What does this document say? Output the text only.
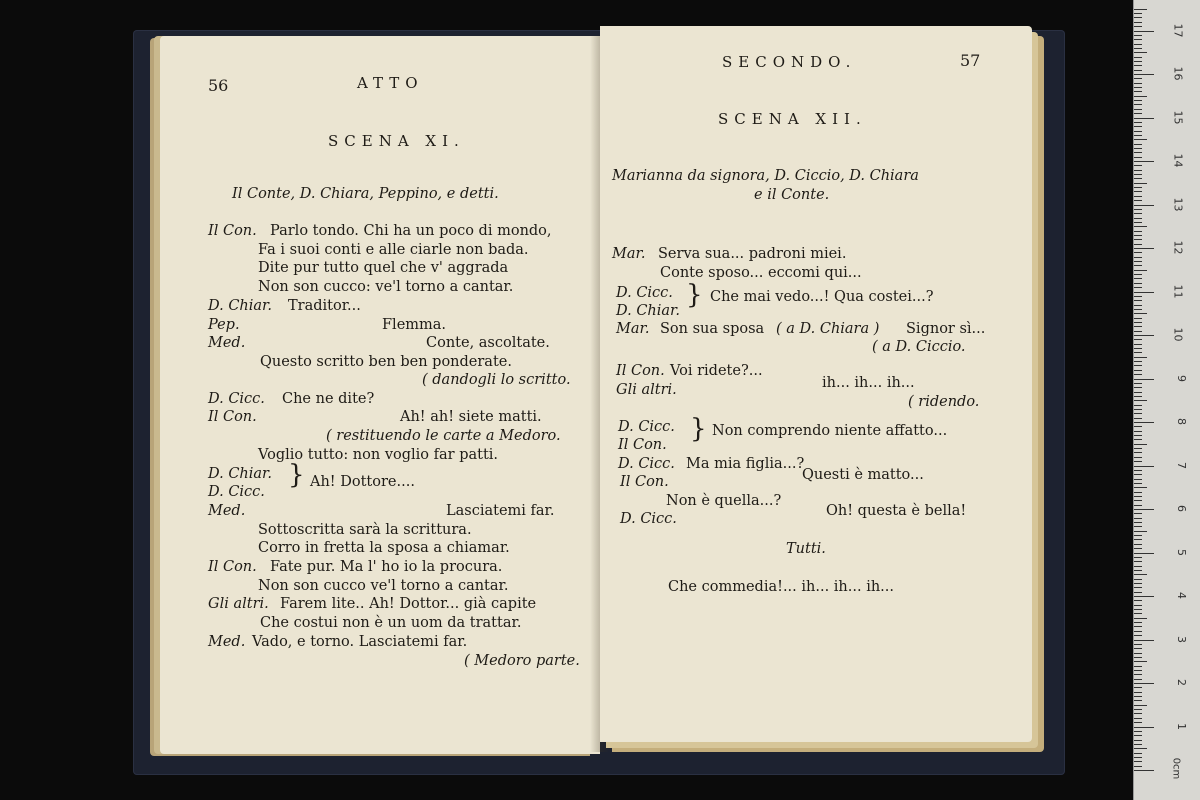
56	ATTO
SCENA XI.
Il Conte, D. Chiara, Peppino, e detti.
Il Con. Parlo tondo. Chi ha un poco di mondo,
Fa i suoi conti e alle ciarle non bada.
Dite pur tutto quel che v' aggrada
Non son cucco: ve'l torno a cantar.
D. Chiar. Traditor...
Pep.	Flemma.
Med.	Conte, ascoltate.
Questo scritto ben ben ponderate.
( dandogli lo scritto.
D. Cicc. Che ne dite?
Il Con.	Ah! ah! siete matti.
( restituendo le carte a Medoro.
Voglio tutto: non voglio far patti.
D. Chiar.
D. Cicc.
} Ah! Dottore....
Med.	Lasciatemi far.
Sottoscritta sarà la scrittura.
Corro in fretta la sposa a chiamar.
Il Con. Fate pur. Ma l' ho io la procura.
Non son cucco ve'l torno a cantar.
Gli altri. Farem lite.. Ah! Dottor... già capite
Che costui non è un uom da trattar.
Med. Vado, e torno. Lasciatemi far.
( Medoro parte.
SECONDO.	57
SCENA XII.
Marianna da signora, D. Ciccio, D. Chiara
e il Conte.
Mar. Serva sua... padroni miei.
Conte sposo... eccomi qui...
D. Cicc.
D. Chiar.
} Che mai vedo...! Qua costei...?
Mar. Son sua sposa ( a D. Chiara ) Signor sì...
( a D. Ciccio.
Il Con. Voi ridete?...
Gli altri.	ih... ih... ih...
( ridendo.
D. Cicc.
Il Con.
} Non comprendo niente affatto...
D. Cicc. Ma mia figlia...?
Il Con.	Questi è matto...
Non è quella...?
D. Cicc.	Oh! questa è bella!
Tutti.
Che commedia!... ih... ih... ih...
0cm
1
2
3
4
5
6
7
8
9
10
11
12
13
14
15
16
17
